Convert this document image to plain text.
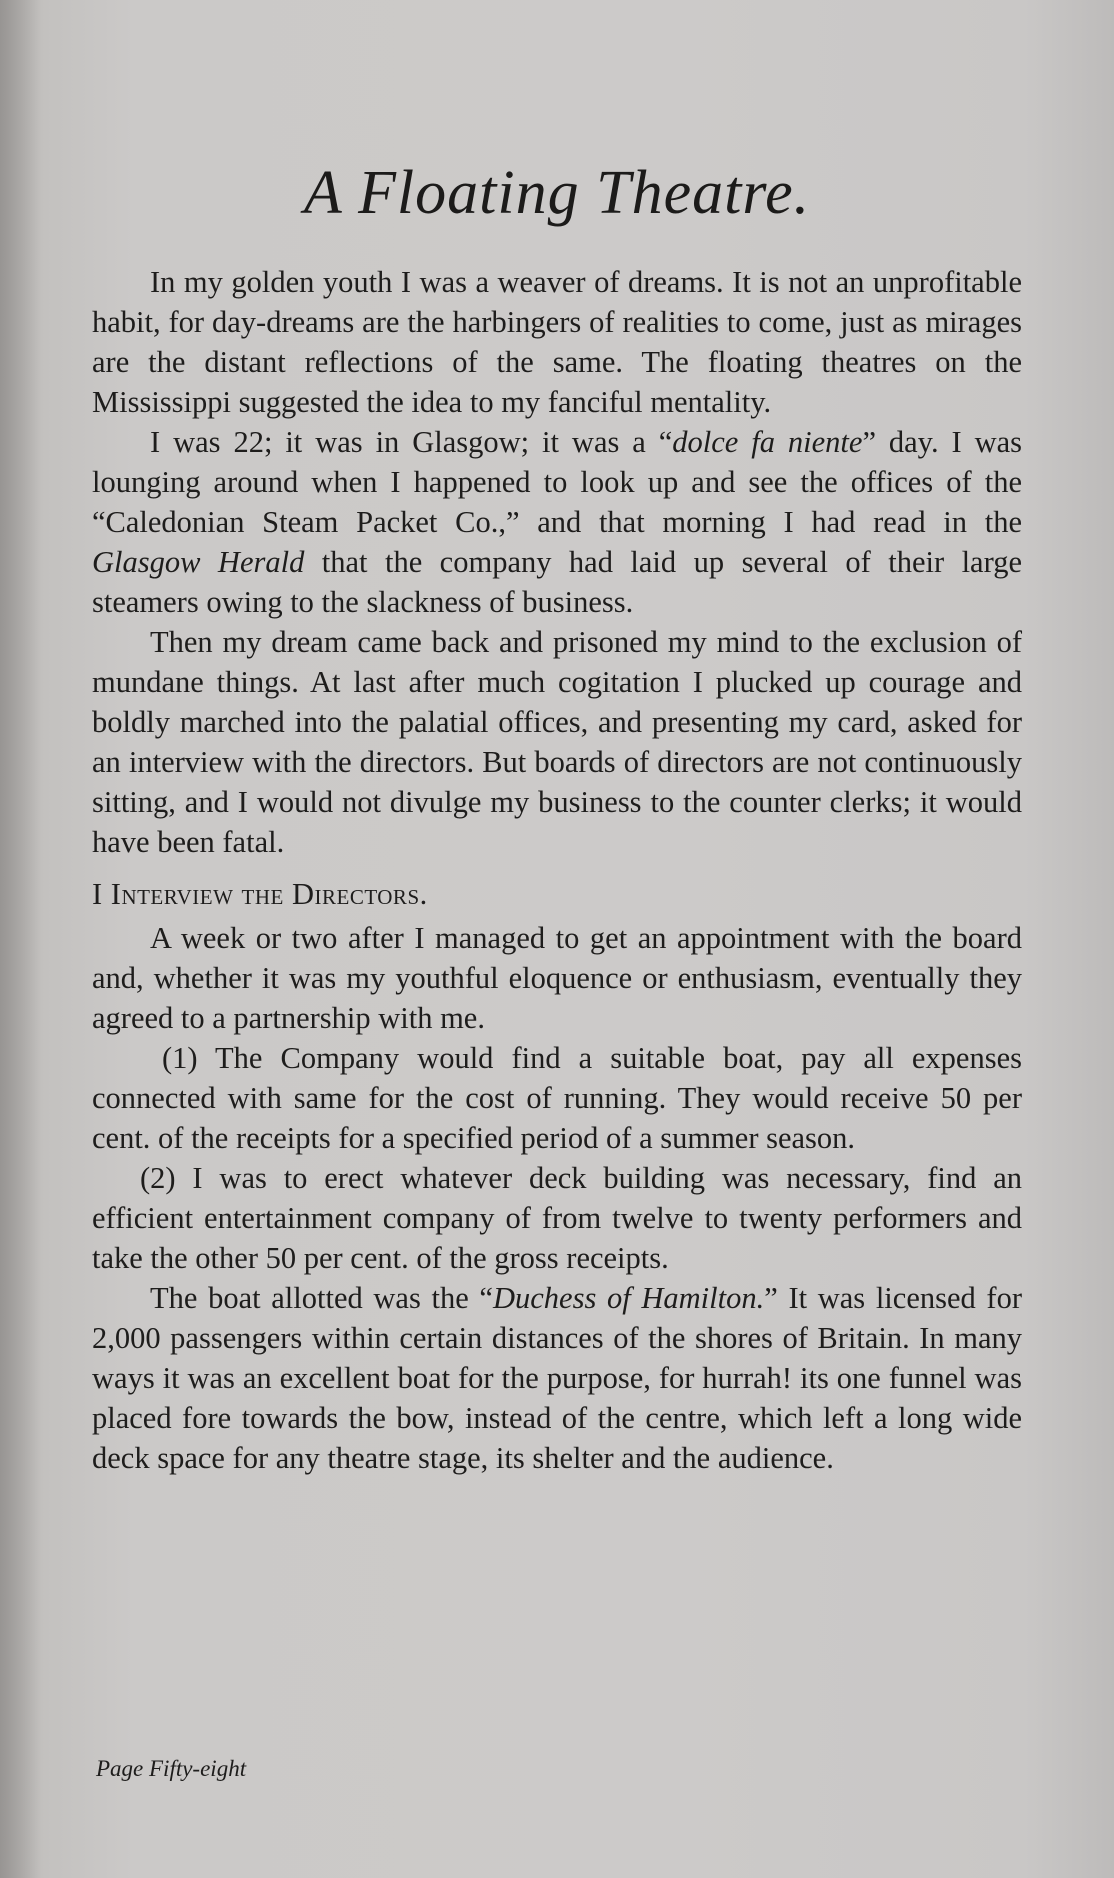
A Floating Theatre.

In my golden youth I was a weaver of dreams. It is not an unprofitable habit, for day-dreams are the harbingers of realities to come, just as mirages are the distant reflections of the same. The floating theatres on the Mississippi suggested the idea to my fanciful mentality.

I was 22; it was in Glasgow; it was a “dolce fa niente” day. I was lounging around when I happened to look up and see the offices of the “Caledonian Steam Packet Co.,” and that morning I had read in the Glasgow Herald that the company had laid up several of their large steamers owing to the slackness of business.

Then my dream came back and prisoned my mind to the exclusion of mundane things. At last after much cogitation I plucked up courage and boldly marched into the palatial offices, and presenting my card, asked for an interview with the directors. But boards of directors are not continuously sitting, and I would not divulge my business to the counter clerks; it would have been fatal.

I Interview the Directors.

A week or two after I managed to get an appointment with the board and, whether it was my youthful eloquence or enthusiasm, eventually they agreed to a partnership with me.

(1) The Company would find a suitable boat, pay all expenses connected with same for the cost of running. They would receive 50 per cent. of the receipts for a specified period of a summer season.

(2) I was to erect whatever deck building was necessary, find an efficient entertainment company of from twelve to twenty performers and take the other 50 per cent. of the gross receipts.

The boat allotted was the “Duchess of Hamilton.” It was licensed for 2,000 passengers within certain distances of the shores of Britain. In many ways it was an excellent boat for the purpose, for hurrah! its one funnel was placed fore towards the bow, instead of the centre, which left a long wide deck space for any theatre stage, its shelter and the audience.

Page Fifty-eight
